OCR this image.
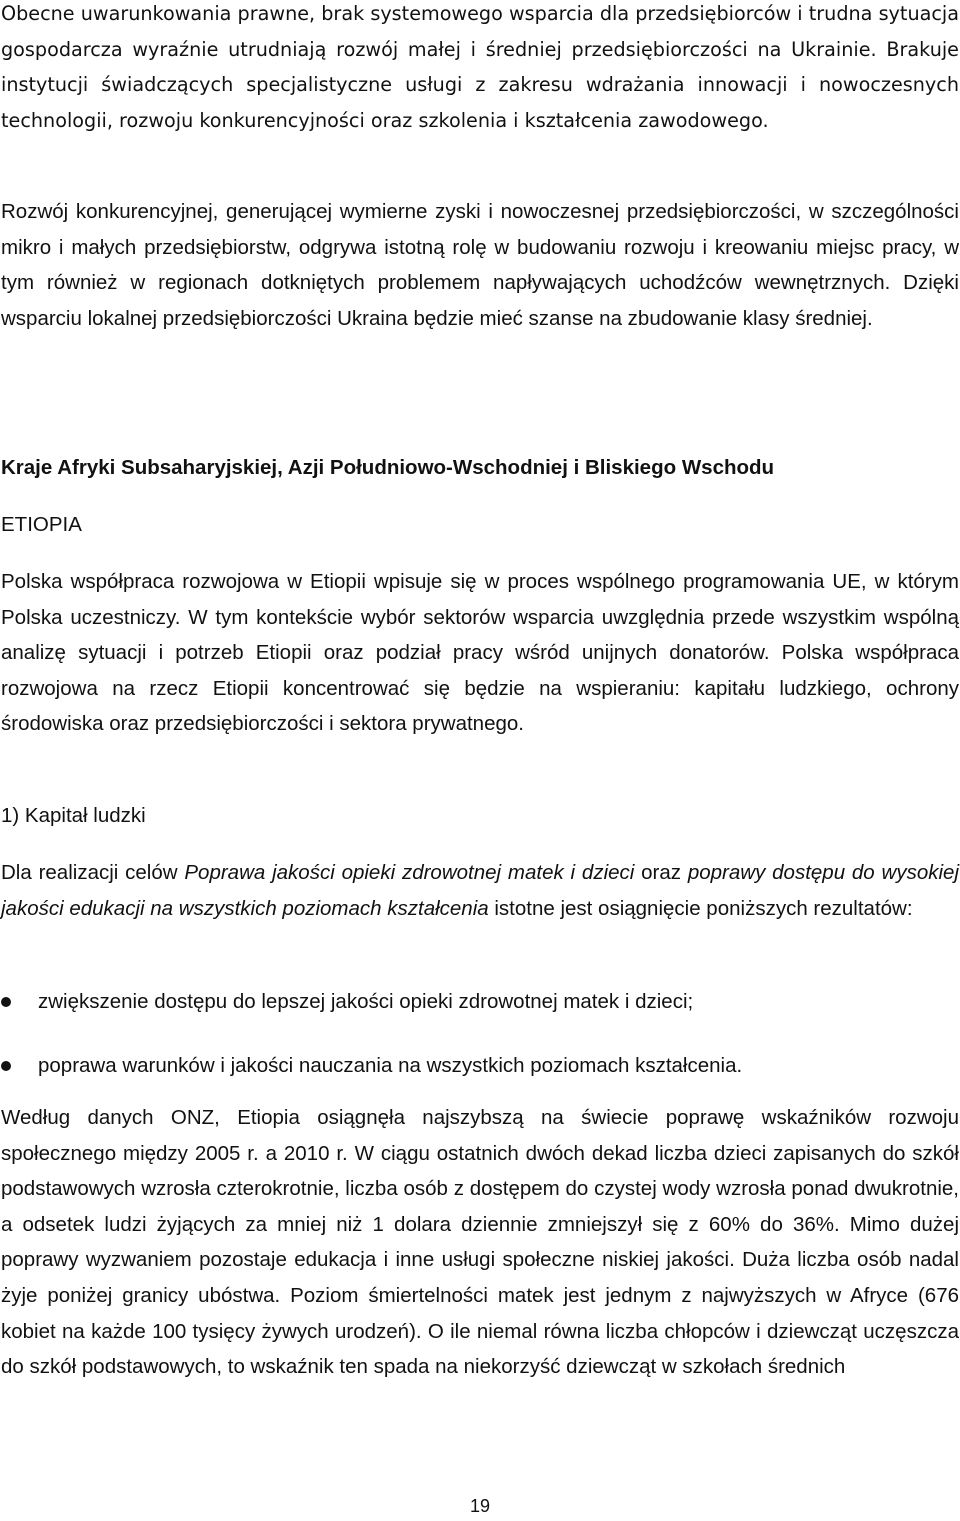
Obecne uwarunkowania prawne, brak systemowego wsparcia dla przedsiębiorców i trudna sytuacja gospodarcza wyraźnie utrudniają rozwój małej i średniej przedsiębiorczości na Ukrainie. Brakuje instytucji świadczących specjalistyczne usługi z zakresu wdrażania innowacji i nowoczesnych technologii, rozwoju konkurencyjności oraz szkolenia i kształcenia zawodowego.

Rozwój konkurencyjnej, generującej wymierne zyski i nowoczesnej przedsiębiorczości, w szczególności mikro i małych przedsiębiorstw, odgrywa istotną rolę w budowaniu rozwoju i kreowaniu miejsc pracy, w tym również w regionach dotkniętych problemem napływających uchodźców wewnętrznych. Dzięki wsparciu lokalnej przedsiębiorczości Ukraina będzie mieć szanse na zbudowanie klasy średniej.

Kraje Afryki Subsaharyjskiej, Azji Południowo-Wschodniej i Bliskiego Wschodu

ETIOPIA

Polska współpraca rozwojowa w Etiopii wpisuje się w proces wspólnego programowania UE, w którym Polska uczestniczy. W tym kontekście wybór sektorów wsparcia uwzględnia przede wszystkim wspólną analizę sytuacji i potrzeb Etiopii oraz podział pracy wśród unijnych donatorów. Polska współpraca rozwojowa na rzecz Etiopii koncentrować się będzie na wspieraniu: kapitału ludzkiego, ochrony środowiska oraz przedsiębiorczości i sektora prywatnego.

1) Kapitał ludzki

Dla realizacji celów Poprawa jakości opieki zdrowotnej matek i dzieci oraz poprawy dostępu do wysokiej jakości edukacji na wszystkich poziomach kształcenia istotne jest osiągnięcie poniższych rezultatów:

zwiększenie dostępu do lepszej jakości opieki zdrowotnej matek i dzieci;
poprawa warunków i jakości nauczania na wszystkich poziomach kształcenia.

Według danych ONZ, Etiopia osiągnęła najszybszą na świecie poprawę wskaźników rozwoju społecznego między 2005 r. a 2010 r. W ciągu ostatnich dwóch dekad liczba dzieci zapisanych do szkół podstawowych wzrosła czterokrotnie, liczba osób z dostępem do czystej wody wzrosła ponad dwukrotnie, a odsetek ludzi żyjących za mniej niż 1 dolara dziennie zmniejszył się z 60% do 36%. Mimo dużej poprawy wyzwaniem pozostaje edukacja i inne usługi społeczne niskiej jakości. Duża liczba osób nadal żyje poniżej granicy ubóstwa. Poziom śmiertelności matek jest jednym z najwyższych w Afryce (676 kobiet na każde 100 tysięcy żywych urodzeń). O ile niemal równa liczba chłopców i dziewcząt uczęszcza do szkół podstawowych, to wskaźnik ten spada na niekorzyść dziewcząt w szkołach średnich

19
